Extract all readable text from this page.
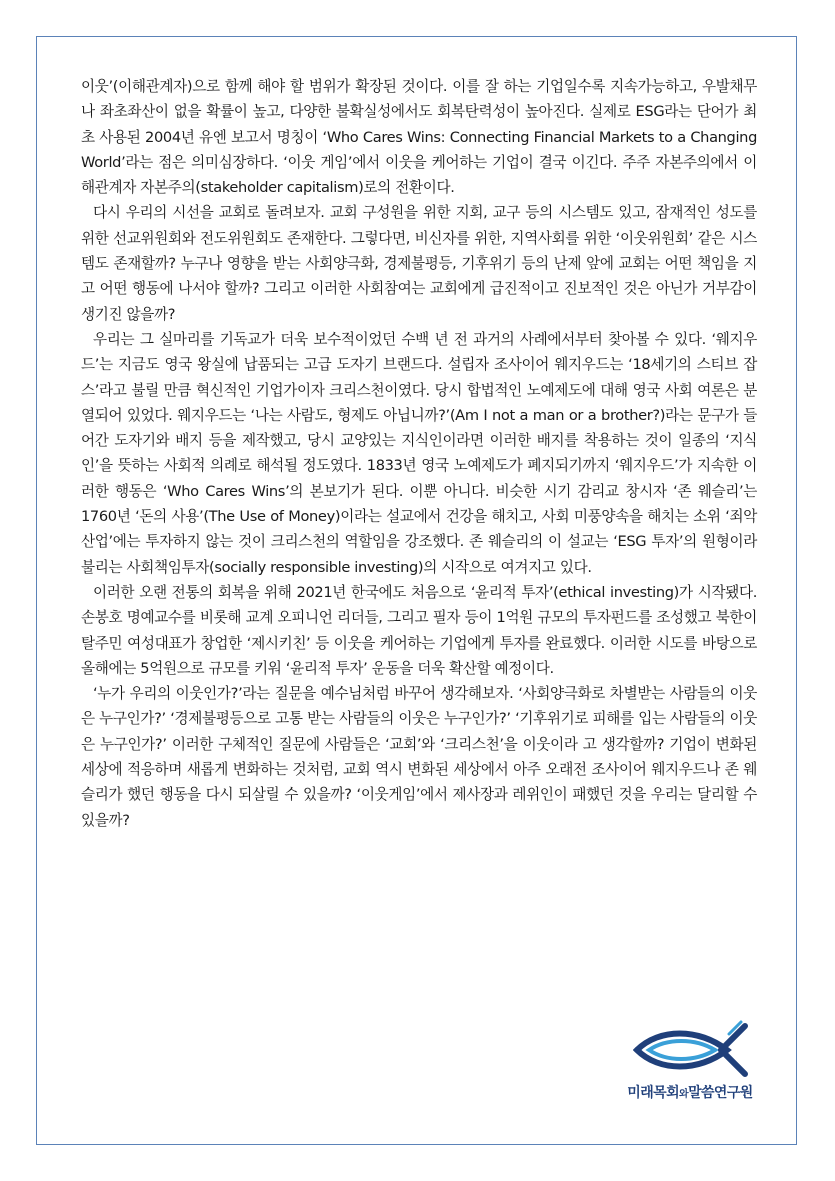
이웃’(이해관계자)으로 함께 해야 할 범위가 확장된 것이다. 이를 잘 하는 기업일수록 지속가능하고, 우발채무나 좌초좌산이 없을 확률이 높고, 다양한 불확실성에서도 회복탄력성이 높아진다. 실제로 ESG라는 단어가 최초 사용된 2004년 유엔 보고서 명칭이 ‘Who Cares Wins: Connecting Financial Markets to a Changing World’라는 점은 의미심장하다. ‘이웃 게임’에서 이웃을 케어하는 기업이 결국 이긴다. 주주 자본주의에서 이해관계자 자본주의(stakeholder capitalism)로의 전환이다.

다시 우리의 시선을 교회로 돌려보자. 교회 구성원을 위한 지회, 교구 등의 시스템도 있고, 잠재적인 성도를 위한 선교위원회와 전도위원회도 존재한다. 그렇다면, 비신자를 위한, 지역사회를 위한 ‘이웃위원회’ 같은 시스템도 존재할까? 누구나 영향을 받는 사회양극화, 경제불평등, 기후위기 등의 난제 앞에 교회는 어떤 책임을 지고 어떤 행동에 나서야 할까? 그리고 이러한 사회참여는 교회에게 급진적이고 진보적인 것은 아닌가 거부감이 생기진 않을까?

우리는 그 실마리를 기독교가 더욱 보수적이었던 수백 년 전 과거의 사례에서부터 찾아볼 수 있다. ‘웨지우드’는 지금도 영국 왕실에 납품되는 고급 도자기 브랜드다. 설립자 조사이어 웨지우드는 ‘18세기의 스티브 잡스’라고 불릴 만큼 혁신적인 기업가이자 크리스천이였다. 당시 합법적인 노예제도에 대해 영국 사회 여론은 분열되어 있었다. 웨지우드는 ‘나는 사람도, 형제도 아닙니까?’(Am I not a man or a brother?)라는 문구가 들어간 도자기와 배지 등을 제작했고, 당시 교양있는 지식인이라면 이러한 배지를 착용하는 것이 일종의 ‘지식인’을 뜻하는 사회적 의례로 해석될 정도였다. 1833년 영국 노예제도가 폐지되기까지 ‘웨지우드’가 지속한 이러한 행동은 ‘Who Cares Wins’의 본보기가 된다. 이뿐 아니다. 비슷한 시기 감리교 창시자 ‘존 웨슬리’는 1760년 ‘돈의 사용’(The Use of Money)이라는 설교에서 건강을 해치고, 사회 미풍양속을 해치는 소위 ‘죄악 산업’에는 투자하지 않는 것이 크리스천의 역할임을 강조했다. 존 웨슬리의 이 설교는 ‘ESG 투자’의 원형이라 불리는 사회책임투자(socially responsible investing)의 시작으로 여겨지고 있다.

이러한 오랜 전통의 회복을 위해 2021년 한국에도 처음으로 ‘윤리적 투자’(ethical investing)가 시작됐다. 손봉호 명예교수를 비롯해 교계 오피니언 리더들, 그리고 필자 등이 1억원 규모의 투자펀드를 조성했고 북한이탈주민 여성대표가 창업한 ‘제시키친’ 등 이웃을 케어하는 기업에게 투자를 완료했다. 이러한 시도를 바탕으로 올해에는 5억원으로 규모를 키워 ‘윤리적 투자’ 운동을 더욱 확산할 예정이다.

‘누가 우리의 이웃인가?’라는 질문을 예수님처럼 바꾸어 생각해보자. ‘사회양극화로 차별받는 사람들의 이웃은 누구인가?’ ‘경제불평등으로 고통 받는 사람들의 이웃은 누구인가?’ ‘기후위기로 피해를 입는 사람들의 이웃은 누구인가?’ 이러한 구체적인 질문에 사람들은 ‘교회’와 ‘크리스천’을 이웃이라 고 생각할까? 기업이 변화된 세상에 적응하며 새롭게 변화하는 것처럼, 교회 역시 변화된 세상에서 아주 오래전 조사이어 웨지우드나 존 웨슬리가 했던 행동을 다시 되살릴 수 있을까? ‘이웃게임’에서 제사장과 레위인이 패했던 것을 우리는 달리할 수 있을까?

미래목회와말씀연구원
